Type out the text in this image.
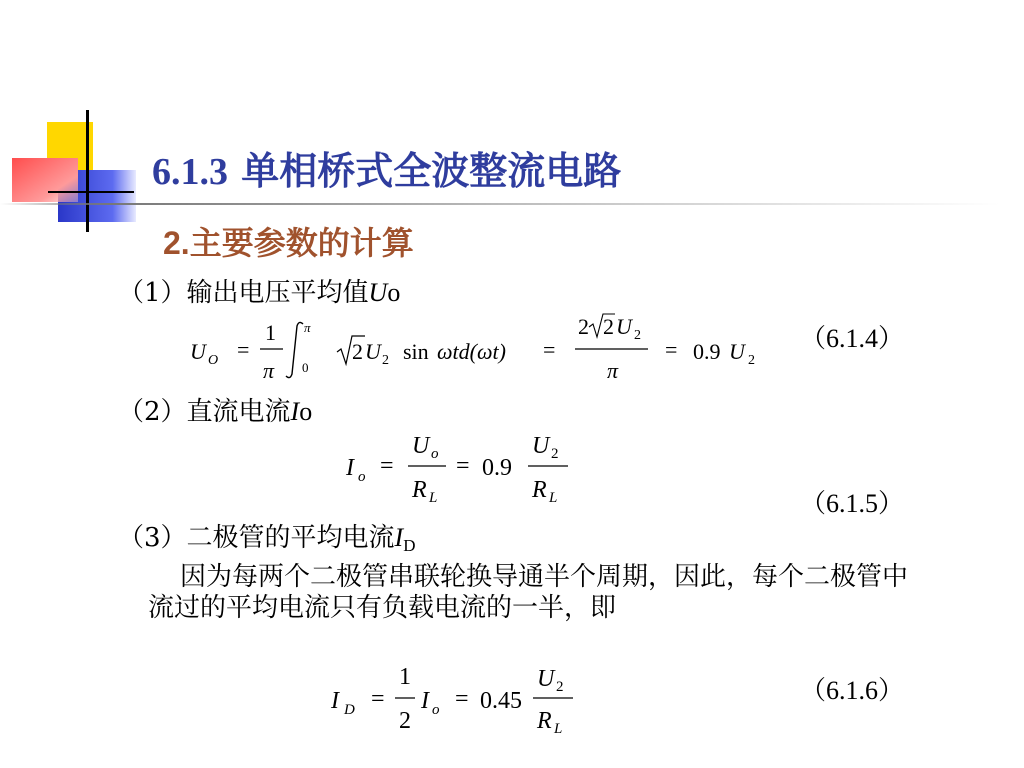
6.1.3 单相桥式全波整流电路
2.主要参数的计算
（1）输出电压平均值Uo
U O =
1
π
π
0
2 U 2 sin ωtd(ωt) =
2 2 U 2
π
= 0.9 U 2
（6.1.4）
（2）直流电流Io
I o =
U o
R L
= 0.9
U 2
R L	（6.1.5）
（3）二极管的平均电流$I_D$
因为每两个二极管串联轮换导通半个周期，因此，每个二极管中流过的平均电流只有负载电流的一半，即
I D =
1
2
I o = 0.45
U 2
R L
（6.1.6）
